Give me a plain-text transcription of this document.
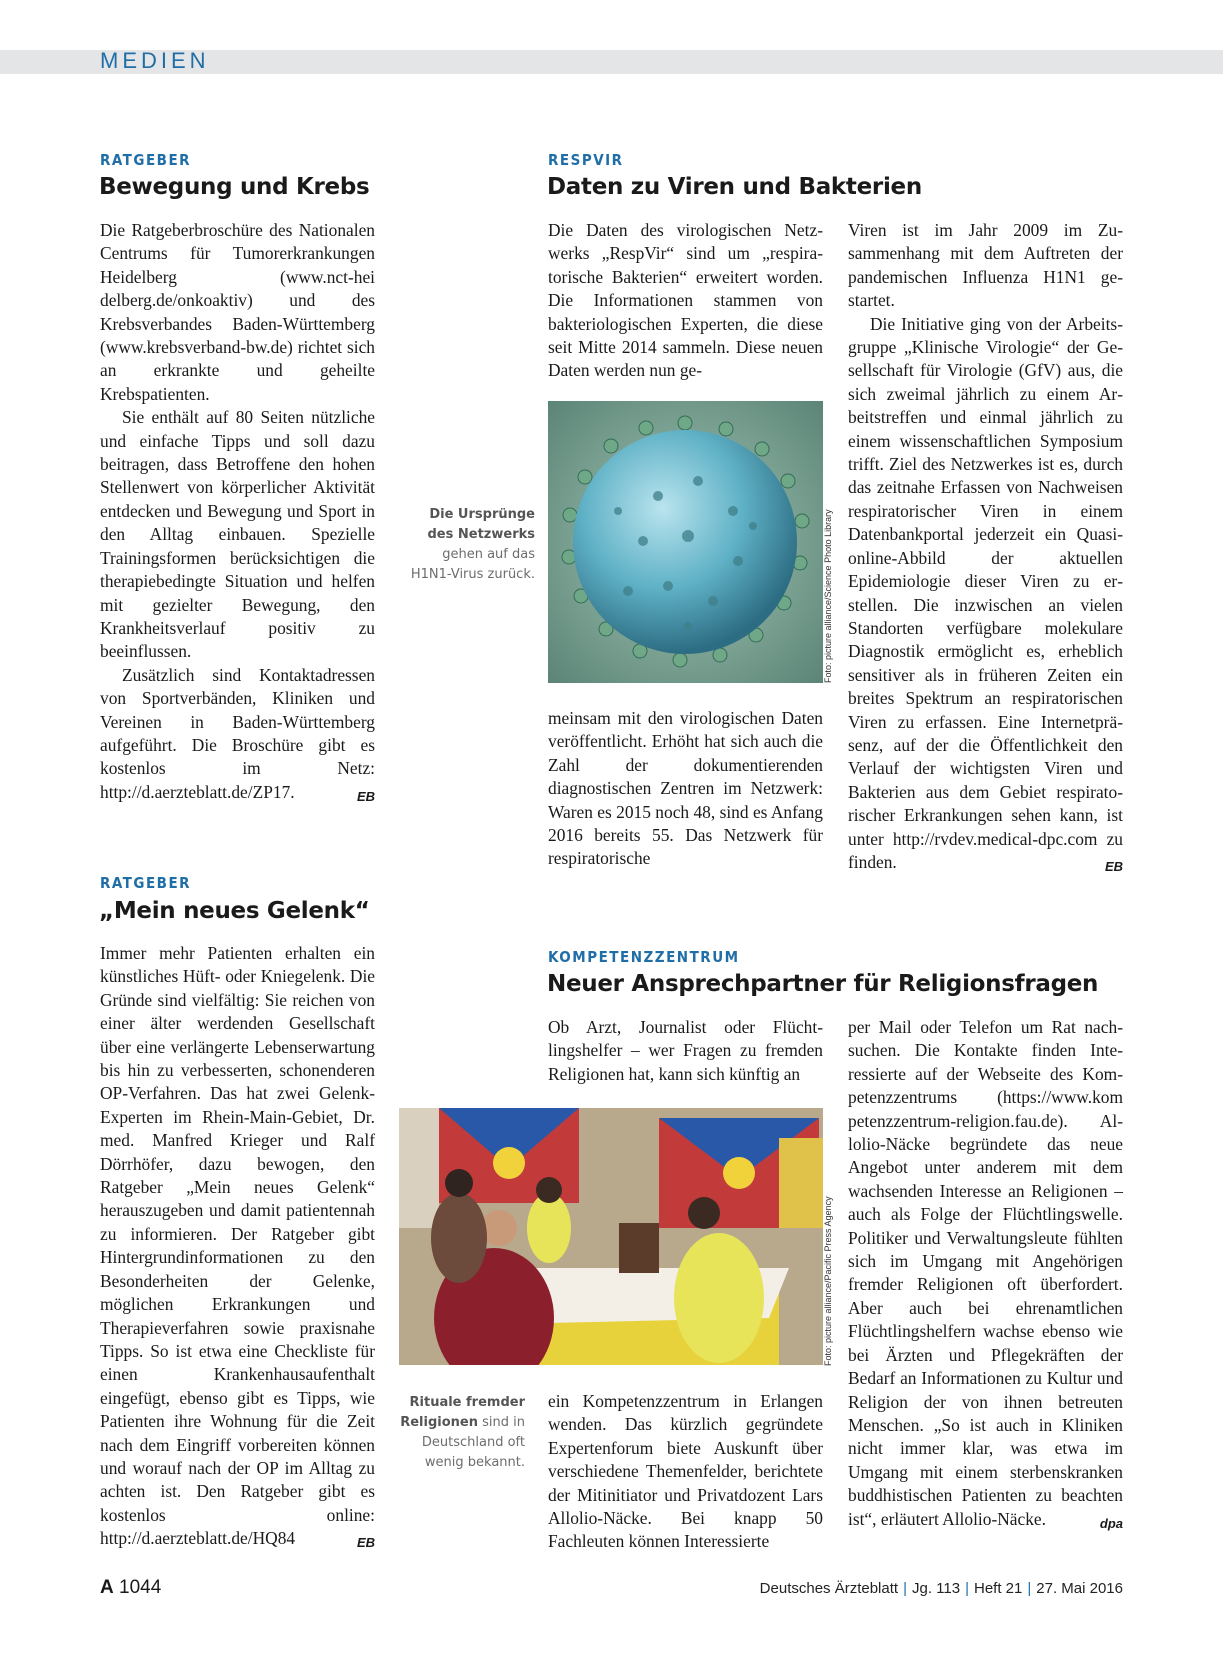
MEDIEN
RATGEBER
Bewegung und Krebs

Die Ratgeberbroschüre des Nationalen Centrums für Tumorerkrankungen Heidelberg (www.nct-hei delberg.de/onkoaktiv) und des Krebsverbandes Baden-Württemberg (www.krebsverband-bw.de) richtet sich an erkrankte und geheilte Krebspatienten.

Sie enthält auf 80 Seiten nützliche und einfache Tipps und soll dazu beitragen, dass Betroffene den hohen Stellenwert von körperlicher Aktivität entdecken und Bewegung und Sport in den Alltag einbauen. Spezielle Trainingsformen berücksichtigen die therapiebedingte Situation und helfen mit gezielter Bewegung, den Krankheitsverlauf positiv zu beeinflussen.

Zusätzlich sind Kontaktadressen von Sportverbänden, Kliniken und Vereinen in Baden-Württemberg aufgeführt. Die Broschüre gibt es kostenlos im Netz: http://d.aerzteblatt.de/ZP17.	EB

RATGEBER
„Mein neues Gelenk“

Immer mehr Patienten erhalten ein künstliches Hüft- oder Kniegelenk. Die Gründe sind vielfältig: Sie reichen von einer älter werdenden Gesellschaft über eine verlängerte Lebenserwartung bis hin zu verbesserten, schonenderen OP-Verfahren. Das hat zwei Gelenk-Experten im Rhein-Main-Gebiet, Dr. med. Manfred Krieger und Ralf Dörrhöfer, dazu bewogen, den Ratgeber „Mein neues Gelenk“ herauszugeben und damit patientennah zu informieren. Der Ratgeber gibt Hintergrundinformationen zu den Besonderheiten der Gelenke, möglichen Erkrankungen und Therapieverfahren sowie praxisnahe Tipps. So ist etwa eine Checkliste für einen Krankenhausaufenthalt eingefügt, ebenso gibt es Tipps, wie Patienten ihre Wohnung für die Zeit nach dem Eingriff vorbereiten können und worauf nach der OP im Alltag zu achten ist. Den Ratgeber gibt es kostenlos online: http://d.aerzteblatt.de/HQ84	EB

RESPVIR
Daten zu Viren und Bakterien

Die Daten des virologischen Netzwerks „RespVir“ sind um „respiratorische Bakterien“ erweitert worden. Die Informationen stammen von bakteriologischen Experten, die diese seit Mitte 2014 sammeln. Diese neuen Daten werden nun ge-

Foto: picture alliance/Science Photo Library
Die Ursprünge des Netzwerks gehen auf das H1N1-Virus zurück.

meinsam mit den virologischen Daten veröffentlicht. Erhöht hat sich auch die Zahl der dokumentierenden diagnostischen Zentren im Netzwerk: Waren es 2015 noch 48, sind es Anfang 2016 bereits 55. Das Netzwerk für respiratorische

Viren ist im Jahr 2009 im Zusammenhang mit dem Auftreten der pandemischen Influenza H1N1 gestartet.

Die Initiative ging von der Arbeitsgruppe „Klinische Virologie“ der Gesellschaft für Virologie (GfV) aus, die sich zweimal jährlich zu einem Arbeitstreffen und einmal jährlich zu einem wissenschaftlichen Symposium trifft. Ziel des Netzwerkes ist es, durch das zeitnahe Erfassen von Nachweisen respiratorischer Viren in einem Datenbankportal jederzeit ein Quasi-online-Abbild der aktuellen Epidemiologie dieser Viren zu erstellen. Die inzwischen an vielen Standorten verfügbare molekulare Diagnostik ermöglicht es, erheblich sensitiver als in früheren Zeiten ein breites Spektrum an respiratorischen Viren zu erfassen. Eine Internetpräsenz, auf der die Öffentlichkeit den Verlauf der wichtigsten Viren und Bakterien aus dem Gebiet respiratorischer Erkrankungen sehen kann, ist unter http://rvdev.medical-dpc.com zu finden.	EB

KOMPETENZZENTRUM
Neuer Ansprechpartner für Religionsfragen

Ob Arzt, Journalist oder Flüchtlingshelfer – wer Fragen zu fremden Religionen hat, kann sich künftig an

Foto: picture alliance/Pacific Press Agency
Rituale fremder Religionen sind in Deutschland oft wenig bekannt.

ein Kompetenzzentrum in Erlangen wenden. Das kürzlich gegründete Expertenforum biete Auskunft über verschiedene Themenfelder, berichtete der Mitinitiator und Privatdozent Lars Allolio-Näcke. Bei knapp 50 Fachleuten können Interessierte

per Mail oder Telefon um Rat nachsuchen. Die Kontakte finden Interessierte auf der Webseite des Kompetenzzentrums (https://www.kom petenzzentrum-religion.fau.de). Allolio-Näcke begründete das neue Angebot unter anderem mit dem wachsenden Interesse an Religionen – auch als Folge der Flüchtlingswelle. Politiker und Verwaltungsleute fühlten sich im Umgang mit Angehörigen fremder Religionen oft überfordert. Aber auch bei ehrenamtlichen Flüchtlingshelfern wachse ebenso wie bei Ärzten und Pflegekräften der Bedarf an Informationen zu Kultur und Religion der von ihnen betreuten Menschen. „So ist auch in Kliniken nicht immer klar, was etwa im Umgang mit einem sterbenskranken buddhistischen Patienten zu beachten ist“, erläutert Allolio-Näcke.	dpa

A 1044	Deutsches Ärzteblatt | Jg. 113 | Heft 21 | 27. Mai 2016
